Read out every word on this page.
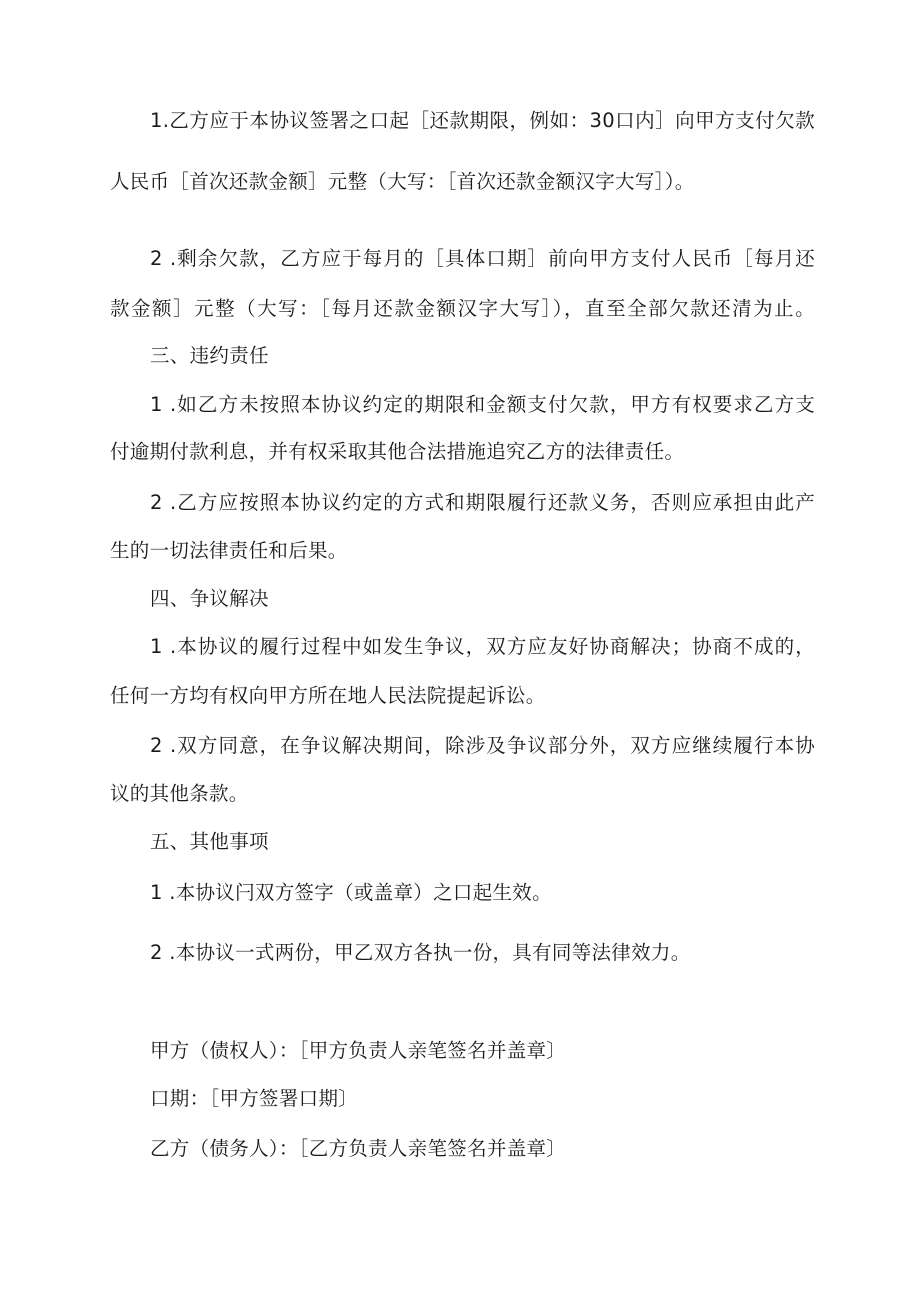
1.乙方应于本协议签署之口起［还款期限，例如：30口内］向甲方支付欠款
人民币［首次还款金额］元整（大写：［首次还款金额汉字大写］）。
2 .剩余欠款，乙方应于每月的［具体口期］前向甲方支付人民币［每月还
款金额］元整（大写：［每月还款金额汉字大写］），直至全部欠款还清为止。
三、违约责任
1 .如乙方未按照本协议约定的期限和金额支付欠款，甲方有权要求乙方支
付逾期付款利息，并有权采取其他合法措施追究乙方的法律责任。
2 .乙方应按照本协议约定的方式和期限履行还款义务，否则应承担由此产
生的一切法律责任和后果。
四、争议解决
1 .本协议的履行过程中如发生争议，双方应友好协商解决；协商不成的，
任何一方均有权向甲方所在地人民法院提起诉讼。
2 .双方同意，在争议解决期间，除涉及争议部分外，双方应继续履行本协
议的其他条款。
五、其他事项
1 .本协议闩双方签字（或盖章）之口起生效。
2 .本协议一式两份，甲乙双方各执一份，具有同等法律效力。
甲方（债权人）：［甲方负责人亲笔签名并盖章〕
口期：［甲方签署口期〕
乙方（债务人）：［乙方负责人亲笔签名并盖章〕
